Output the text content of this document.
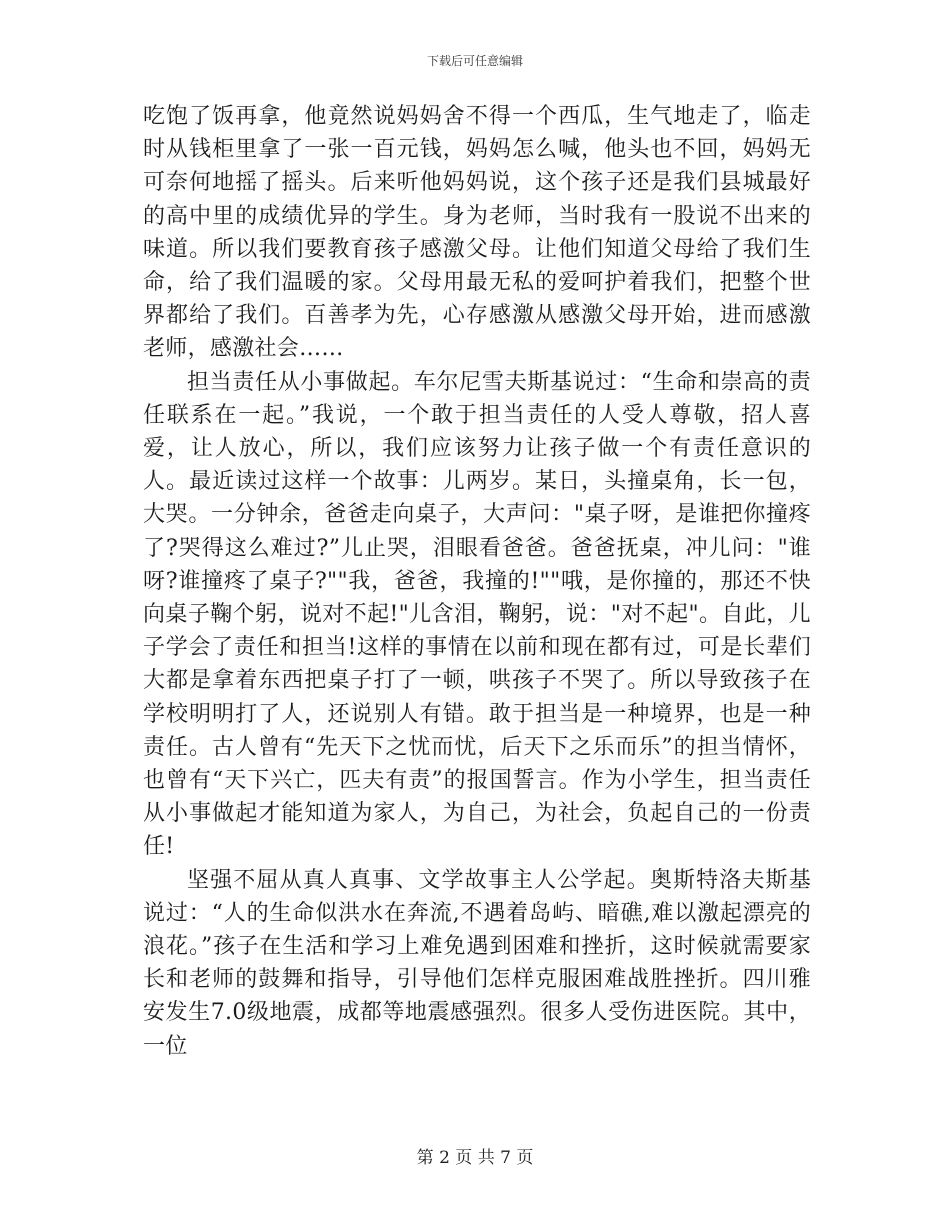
下载后可任意编辑

吃饱了饭再拿，他竟然说妈妈舍不得一个西瓜，生气地走了，临走时从钱柜里拿了一张一百元钱，妈妈怎么喊，他头也不回，妈妈无可奈何地摇了摇头。后来听他妈妈说，这个孩子还是我们县城最好的高中里的成绩优异的学生。身为老师，当时我有一股说不出来的味道。所以我们要教育孩子感激父母。让他们知道父母给了我们生命，给了我们温暖的家。父母用最无私的爱呵护着我们，把整个世界都给了我们。百善孝为先，心存感激从感激父母开始，进而感激老师，感激社会……

担当责任从小事做起。车尔尼雪夫斯基说过：“生命和崇高的责任联系在一起。”我说，一个敢于担当责任的人受人尊敬，招人喜爱，让人放心，所以，我们应该努力让孩子做一个有责任意识的人。最近读过这样一个故事：儿两岁。某日，头撞桌角，长一包，大哭。一分钟余，爸爸走向桌子，大声问："桌子呀，是谁把你撞疼了?哭得这么难过?”儿止哭，泪眼看爸爸。爸爸抚桌，冲儿问："谁呀?谁撞疼了桌子?""我，爸爸，我撞的!""哦，是你撞的，那还不快向桌子鞠个躬，说对不起!"儿含泪，鞠躬，说："对不起"。自此，儿子学会了责任和担当!这样的事情在以前和现在都有过，可是长辈们大都是拿着东西把桌子打了一顿，哄孩子不哭了。所以导致孩子在学校明明打了人，还说别人有错。敢于担当是一种境界，也是一种责任。古人曾有“先天下之忧而忧，后天下之乐而乐”的担当情怀，也曾有“天下兴亡，匹夫有责”的报国誓言。作为小学生，担当责任从小事做起才能知道为家人，为自己，为社会，负起自己的一份责任!

坚强不屈从真人真事、文学故事主人公学起。奥斯特洛夫斯基说过：“人的生命似洪水在奔流,不遇着岛屿、暗礁,难以激起漂亮的浪花。”孩子在生活和学习上难免遇到困难和挫折，这时候就需要家长和老师的鼓舞和指导，引导他们怎样克服困难战胜挫折。四川雅安发生7.0级地震，成都等地震感强烈。很多人受伤进医院。其中，一位

第 2 页 共 7 页
